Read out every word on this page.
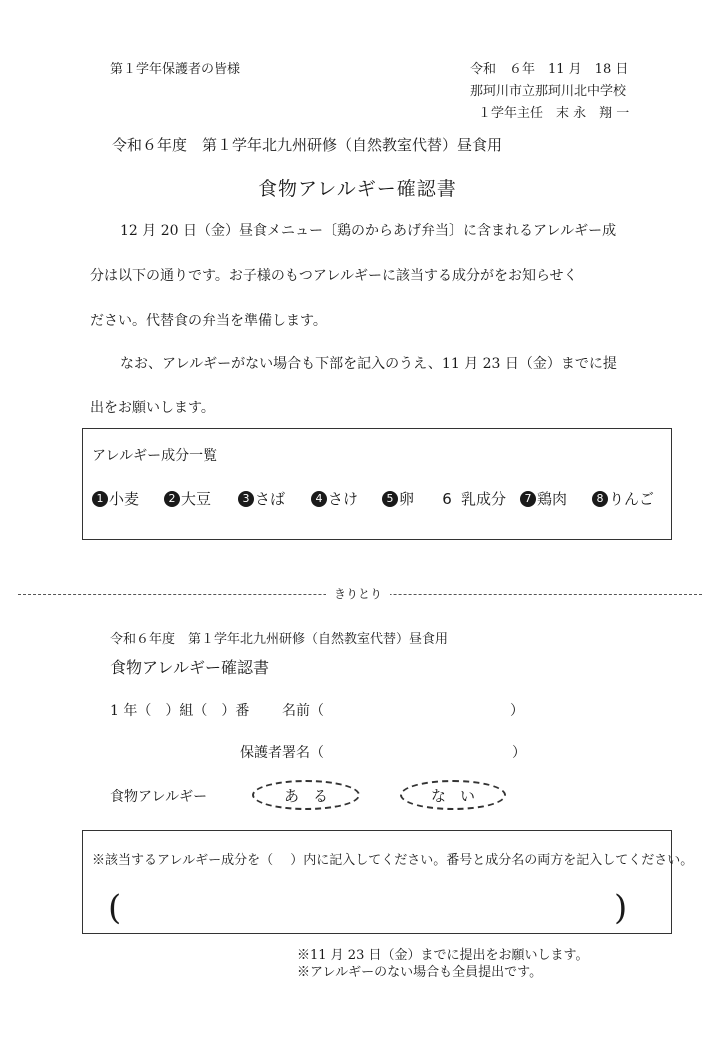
第１学年保護者の皆様	令和　６年　11 月　18 日
那珂川市立那珂川北中学校
１学年主任　末 永　翔 一
令和６年度　第１学年北九州研修（自然教室代替）昼食用
食物アレルギー確認書
12 月 20 日（金）昼食メニュー〔鶏のからあげ弁当〕に含まれるアレルギー成
分は以下の通りです。お子様のもつアレルギーに該当する成分がをお知らせく
ださい。代替食の弁当を準備します。
なお、アレルギーがない場合も下部を記入のうえ、11 月 23 日（金）までに提
出をお願いします。
アレルギー成分一覧
1 小麦	2 大豆	3 さば	4 さけ	5 卵 6 乳成分	7 鶏肉	8 りんご
きりとり
令和６年度　第１学年北九州研修（自然教室代替）昼食用
食物アレルギー確認書
1 年（　）組（　）番 名前（	）
保護者署名（	）
食物アレルギー	ある	ない
※該当するアレルギー成分を（　 ）内に記入してください。番号と成分名の両方を記入してください。
(	)
※11 月 23 日（金）までに提出をお願いします。
※アレルギーのない場合も全員提出です。
